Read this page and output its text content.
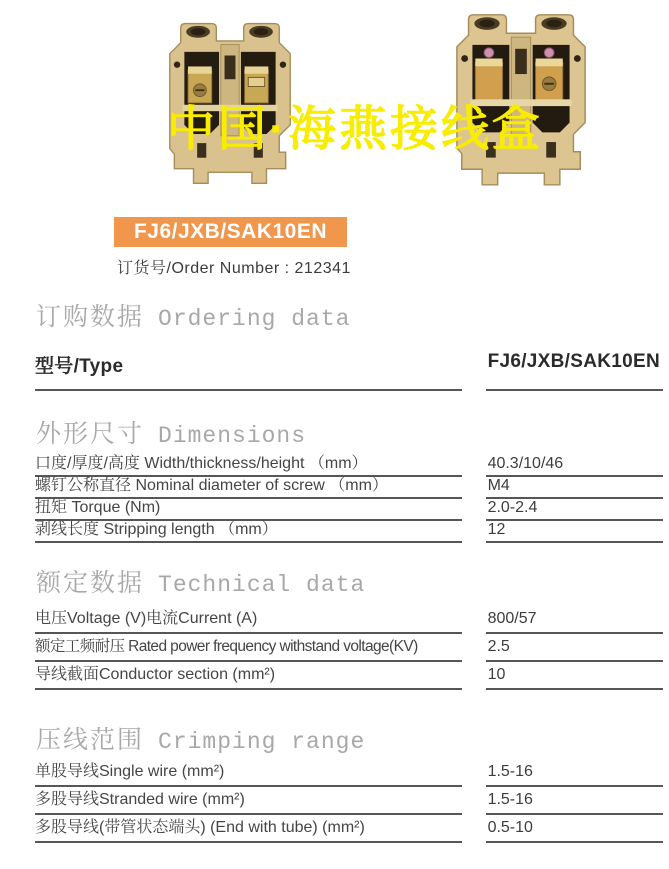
中国·海燕接线盒
FJ6/JXB/SAK10EN
订货号/Order Number : 212341
订购数据 Ordering data
型号/Type	FJ6/JXB/SAK10EN
外形尺寸 Dimensions
口度/厚度/高度 Width/thickness/height （mm）	40.3/10/46
螺钉公称直径 Nominal diameter of screw （mm）	M4
扭矩 Torque (Nm)	2.0-2.4
剥线长度 Stripping length （mm）	12
额定数据 Technical data
电压Voltage (V)电流Current (A)	800/57
额定工频耐压 Rated power frequency withstand voltage(KV)	2.5
导线截面Conductor section (mm²)	10
压线范围 Crimping range
单股导线Single wire (mm²)	1.5-16
多股导线Stranded wire (mm²)	1.5-16
多股导线(带管状态端头) (End with tube) (mm²)	0.5-10
